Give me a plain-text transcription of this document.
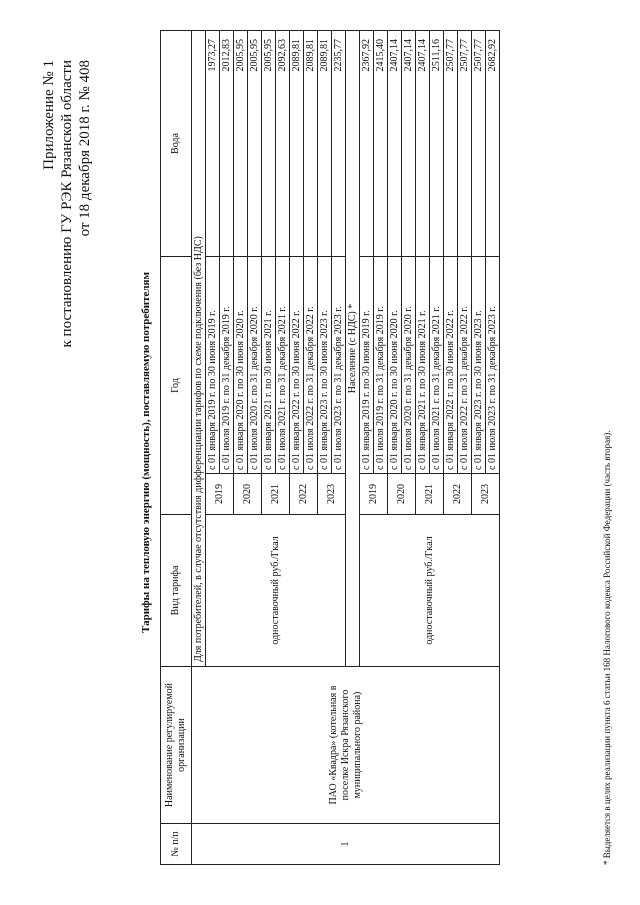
Приложение № 1 к постановлению ГУ РЭК Рязанской области от 18 декабря 2018 г. № 408
Тарифы на тепловую энергию (мощность), поставляемую потребителям
№ п/п	Наименование регулируемой организации	Вид тарифа	Год		Вода
1	ПАО «Квадра» (котельная в поселке Искра Рязанского муниципального района)	Для потребителей, в случае отсутствия дифференциации тарифов по схеме подключения (без НДС)			
		одноставочный руб./Гкал	2019	с 01 января 2019 г. по 30 июня 2019 г.	1973,27
				с 01 июля 2019 г. по 31 декабря 2019 г.	2012,83
			2020	с 01 января 2020 г. по 30 июня 2020 г.	2005,95
				с 01 июля 2020 г. по 31 декабря 2020 г.	2005,95
			2021	с 01 января 2021 г. по 30 июня 2021 г.	2005,95
				с 01 июля 2021 г. по 31 декабря 2021 г.	2092,63
			2022	с 01 января 2022 г. по 30 июня 2022 г.	2089,81
				с 01 июля 2022 г. по 31 декабря 2022 г.	2089,81
			2023	с 01 января 2023 г. по 30 июня 2023 г.	2089,81
				с 01 июля 2023 г. по 31 декабря 2023 г.	2235,77
		Население (с НДС) *			
		одноставочный руб./Гкал	2019	с 01 января 2019 г. по 30 июня 2019 г.	2367,92
				с 01 июля 2019 г. по 31 декабря 2019 г.	2415,40
			2020	с 01 января 2020 г. по 30 июня 2020 г.	2407,14
				с 01 июля 2020 г. по 31 декабря 2020 г.	2407,14
			2021	с 01 января 2021 г. по 30 июня 2021 г.	2407,14
				с 01 июля 2021 г. по 31 декабря 2021 г.	2511,16
			2022	с 01 января 2022 г. по 30 июня 2022 г.	2507,77
				с 01 июля 2022 г. по 31 декабря 2022 г.	2507,77
			2023	с 01 января 2023 г. по 30 июня 2023 г.	2507,77
				с 01 июля 2023 г. по 31 декабря 2023 г.	2682,92
* Выделяется в целях реализации пункта 6 статьи 168 Налогового кодекса Российской Федерации (часть вторая).
